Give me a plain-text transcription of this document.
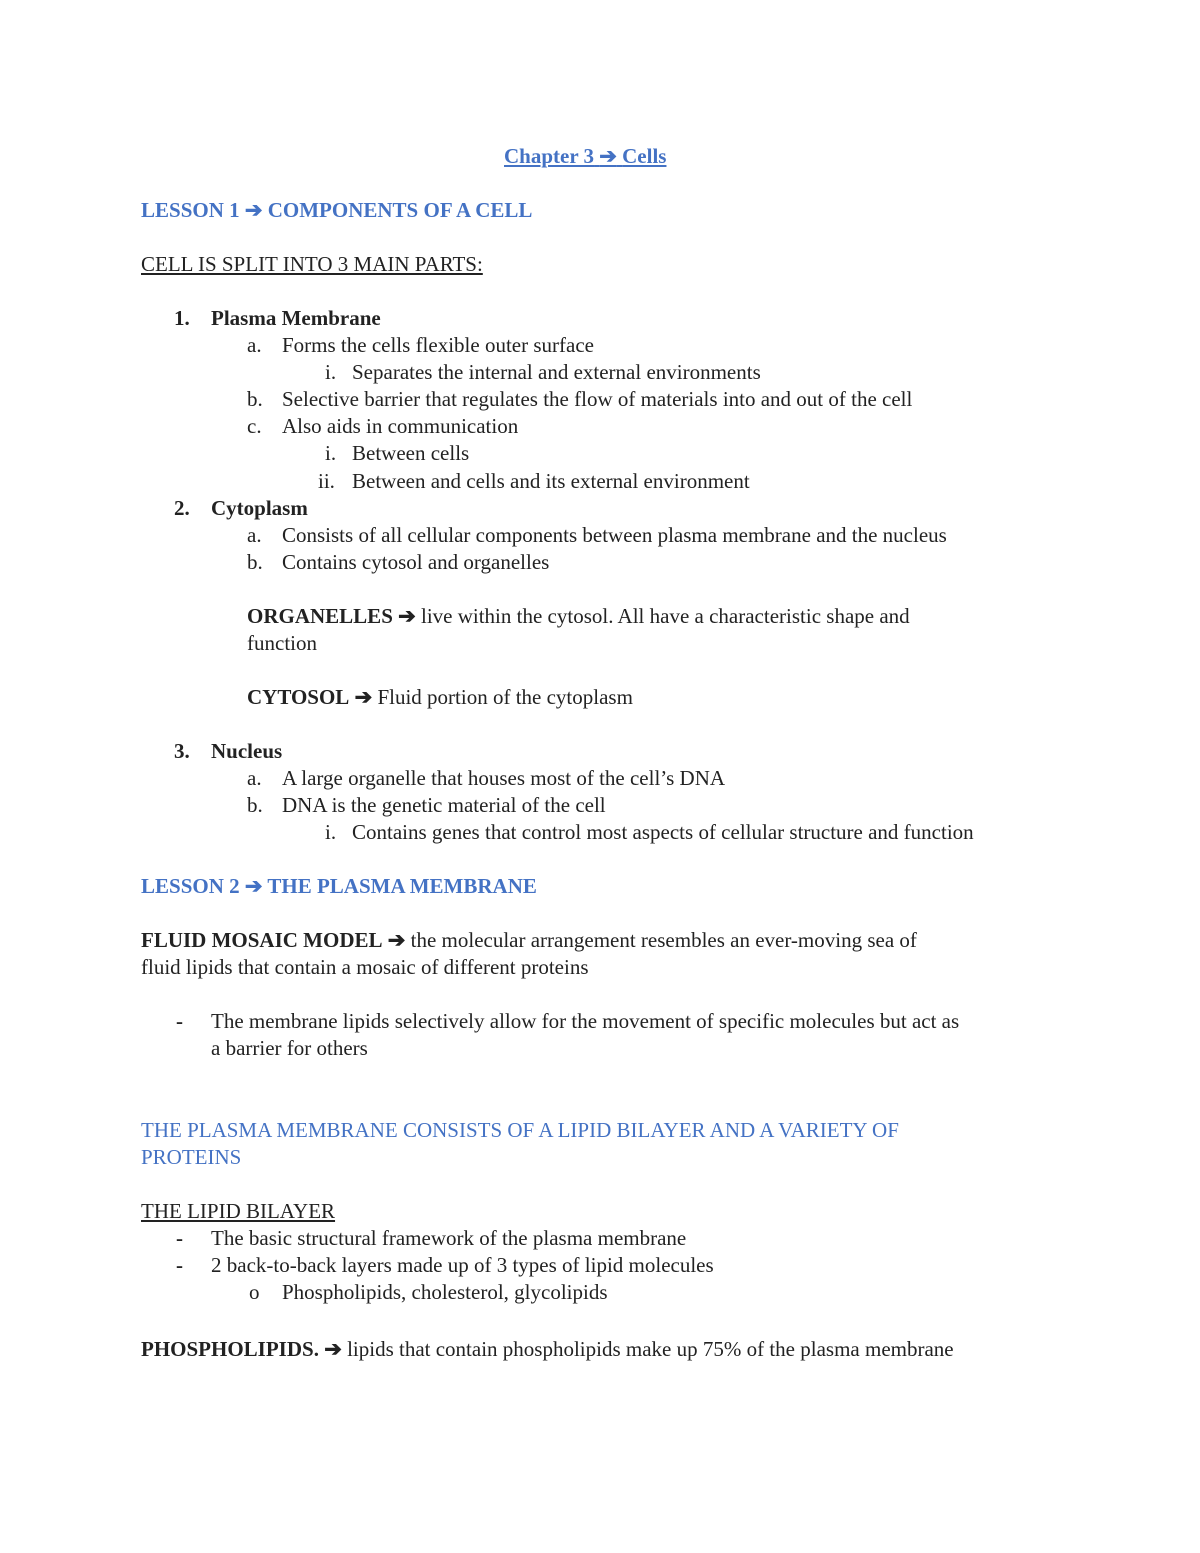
Chapter 3 ➔ Cells
LESSON 1 ➔ COMPONENTS OF A CELL
CELL IS SPLIT INTO 3 MAIN PARTS:
1. Plasma Membrane
a. Forms the cells flexible outer surface
i. Separates the internal and external environments
b. Selective barrier that regulates the flow of materials into and out of the cell
c. Also aids in communication
i. Between cells
ii. Between and cells and its external environment
2. Cytoplasm
a. Consists of all cellular components between plasma membrane and the nucleus
b. Contains cytosol and organelles
ORGANELLES ➔ live within the cytosol. All have a characteristic shape and
function
CYTOSOL ➔ Fluid portion of the cytoplasm
3. Nucleus
a. A large organelle that houses most of the cell’s DNA
b. DNA is the genetic material of the cell
i. Contains genes that control most aspects of cellular structure and function
LESSON 2 ➔ THE PLASMA MEMBRANE
FLUID MOSAIC MODEL ➔ the molecular arrangement resembles an ever-moving sea of
fluid lipids that contain a mosaic of different proteins
- The membrane lipids selectively allow for the movement of specific molecules but act as
a barrier for others
THE PLASMA MEMBRANE CONSISTS OF A LIPID BILAYER AND A VARIETY OF
PROTEINS
THE LIPID BILAYER
- The basic structural framework of the plasma membrane
- 2 back-to-back layers made up of 3 types of lipid molecules
o Phospholipids, cholesterol, glycolipids
PHOSPHOLIPIDS. ➔ lipids that contain phospholipids make up 75% of the plasma membrane
